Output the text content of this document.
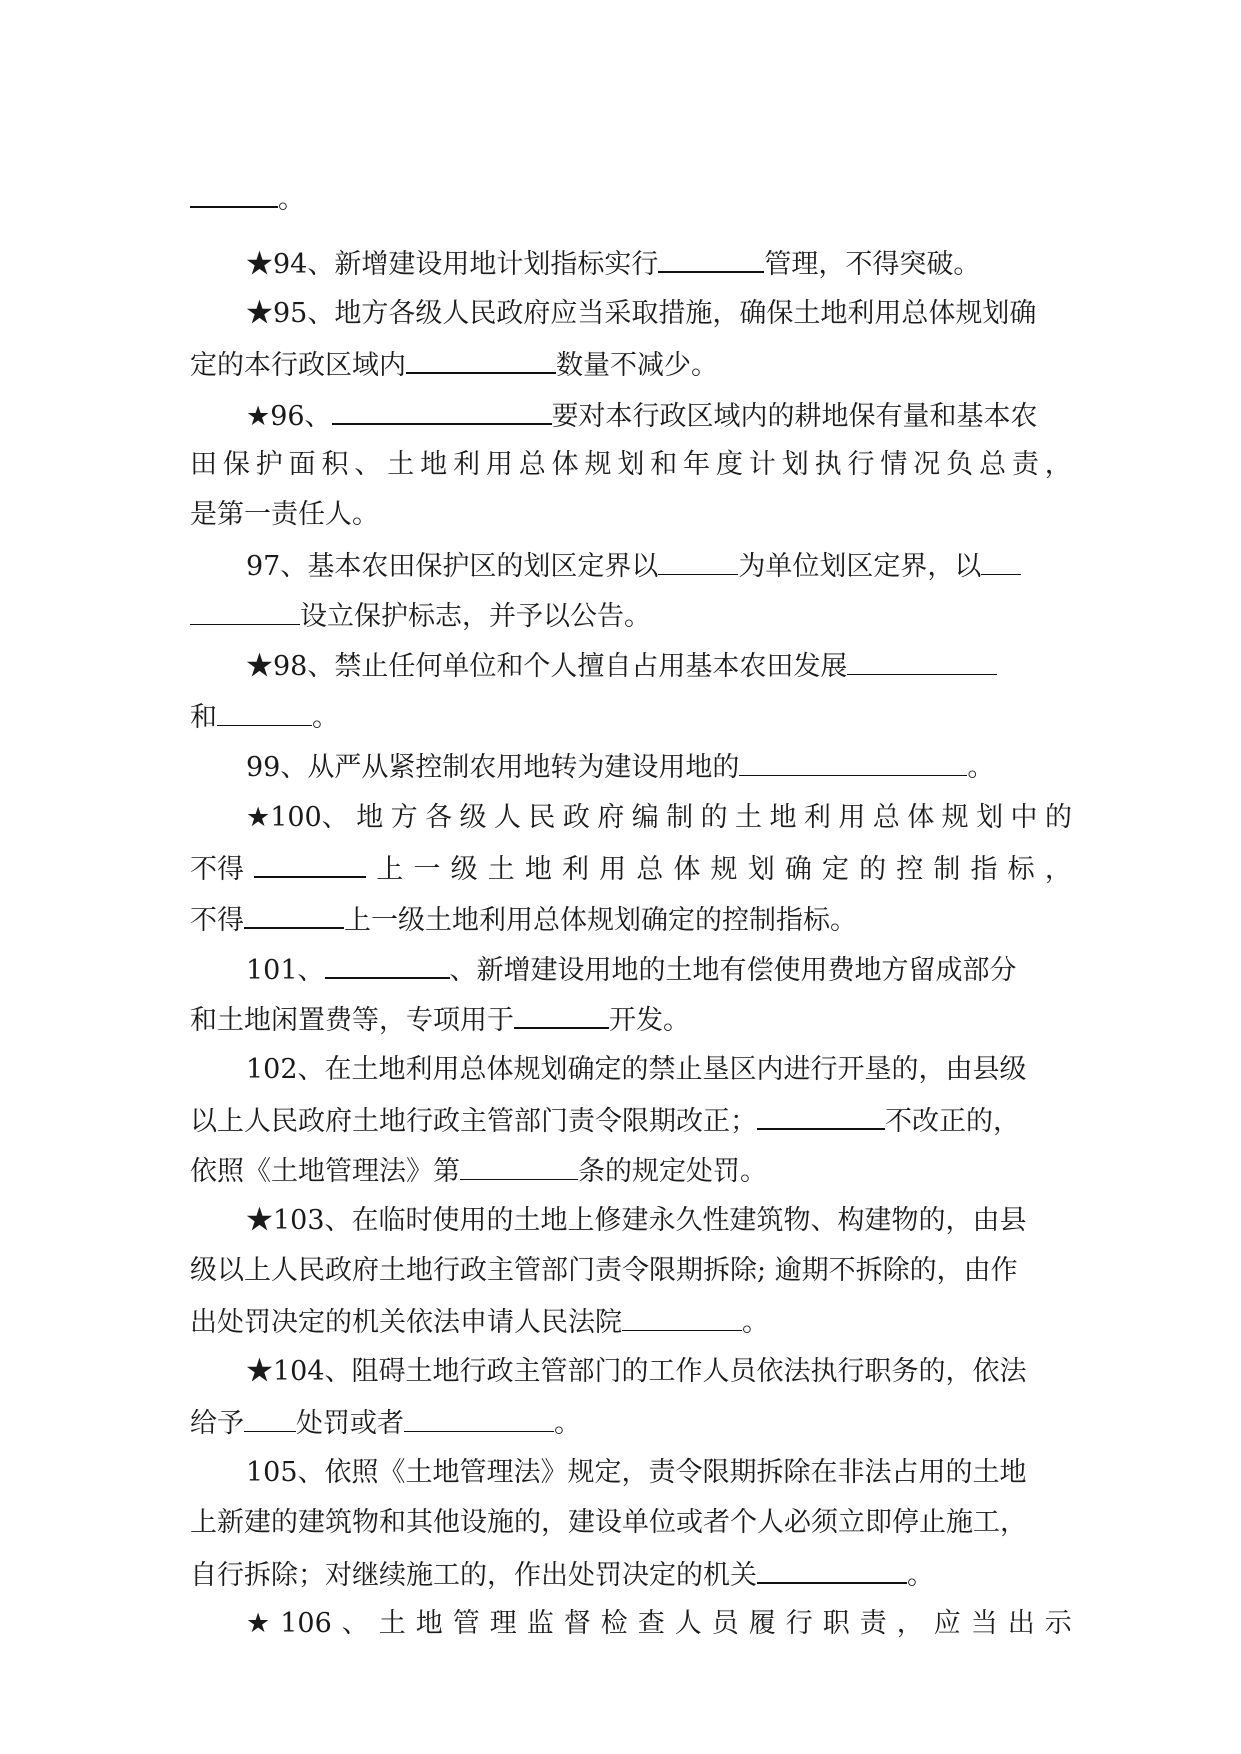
。
★94、新增建设用地计划指标实行	管理，不得突破。
★95、地方各级人民政府应当采取措施，确保土地利用总体规划确
定的本行政区域内	数量不减少。
★96、	要对本行政区域内的耕地保有量和基本农
田 保 护 面 积 、 土 地 利 用 总 体 规 划 和 年 度 计 划 执 行 情 况 负 总 责 ，
是第一责任人。
97、基本农田保护区的划区定界以	为单位划区定界，以
设立保护标志，并予以公告。
★98、禁止任何单位和个人擅自占用基本农田发展
和	。
99、从严从紧控制农用地转为建设用地的	。
★100、 地 方 各 级 人 民 政 府 编 制 的 土 地 利 用 总 体 规 划 中 的
不得	上 一 级 土 地 利 用 总 体 规 划 确 定 的 控 制 指 标 ，
不得	上一级土地利用总体规划确定的控制指标。
101、	、新增建设用地的土地有偿使用费地方留成部分
和土地闲置费等，专项用于	开发。
102、在土地利用总体规划确定的禁止垦区内进行开垦的，由县级
以上人民政府土地行政主管部门责令限期改正；	不改正的，
依照《土地管理法》第	条的规定处罚。
★103、在临时使用的土地上修建永久性建筑物、构建物的，由县
级以上人民政府土地行政主管部门责令限期拆除; 逾期不拆除的，由作
出处罚决定的机关依法申请人民法院	。
★104、阻碍土地行政主管部门的工作人员依法执行职务的，依法
给予 处罚或者	。
105、依照《土地管理法》规定，责令限期拆除在非法占用的土地
上新建的建筑物和其他设施的，建设单位或者个人必须立即停止施工，
自行拆除；对继续施工的，作出处罚决定的机关	。
★ 106 、 土 地 管 理 监 督 检 查 人 员 履 行 职 责 ， 应 当 出 示
